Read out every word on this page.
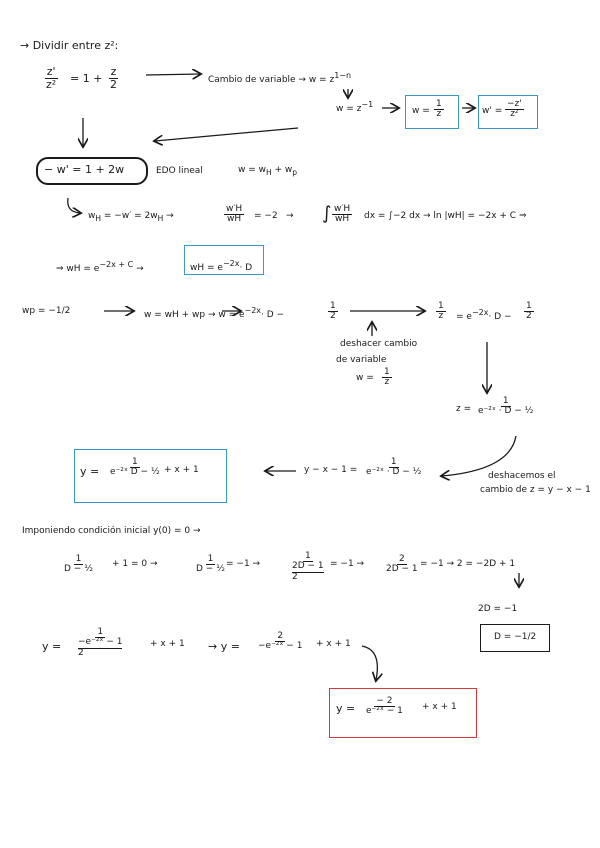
→ Dividir entre z²:
$\frac{z'}{\text{z²}} = 1 + \frac{z}{2}$	Cambio de variable → $w = z^{1-n}$
$w = z^{-1}$
$w = \frac{1}{z}$	$w' = \frac{-z'}{\text{z²}}$
− w' = 1 + 2w	EDO lineal	$w = w_H + w_p$
$w_H = -w' = 2w_H$ →	$\frac{w'H}{wH} = -2$ → ∫ $\frac{w'H}{wH}$ dx = ∫−2 dx → ln |wH| = −2x + C ⇒
⇒ wH = $e^{-2x + C}$ →	wH = $e^{-2x}\cdot D$
wp = −1/2	w = wH + wp → $w = e^{-2x}\cdot D$ −	$\frac{1}{2}$
deshacer cambio
de variable
$w = \frac{1}{z}$
$\frac{1}{z} = e^{-2x}\cdot D - \frac{1}{2}$
$z = \frac{1}{\text{e⁻²ˣ · D − ½}}$
$y - x - 1 = \frac{1}{\text{e⁻²ˣ · D − ½}}$	deshacemos el
cambio de z = y − x − 1
$y = \frac{1}{\text{e⁻²ˣ D − ½}} + x + 1$
Imponiendo condición inicial y(0) = 0 →
$\frac{1}{\text{D − ½}} + 1 = 0$ →	$\frac{1}{\text{D − ½}} = -1$ →
1
2D − 1
2
= $-1 \to \frac{2}{2D - 1} = -1 \to 2 = -2D + 1$
2D = −1
D = −1/2
y =
1
−e⁻²ˣ − 1
2
+ $x + 1 \to y = \frac{2}{\text{−e⁻²ˣ − 1}} + x + 1$
$y = \frac{- 2}{\text{e⁻²ˣ − 1}} + x + 1$
